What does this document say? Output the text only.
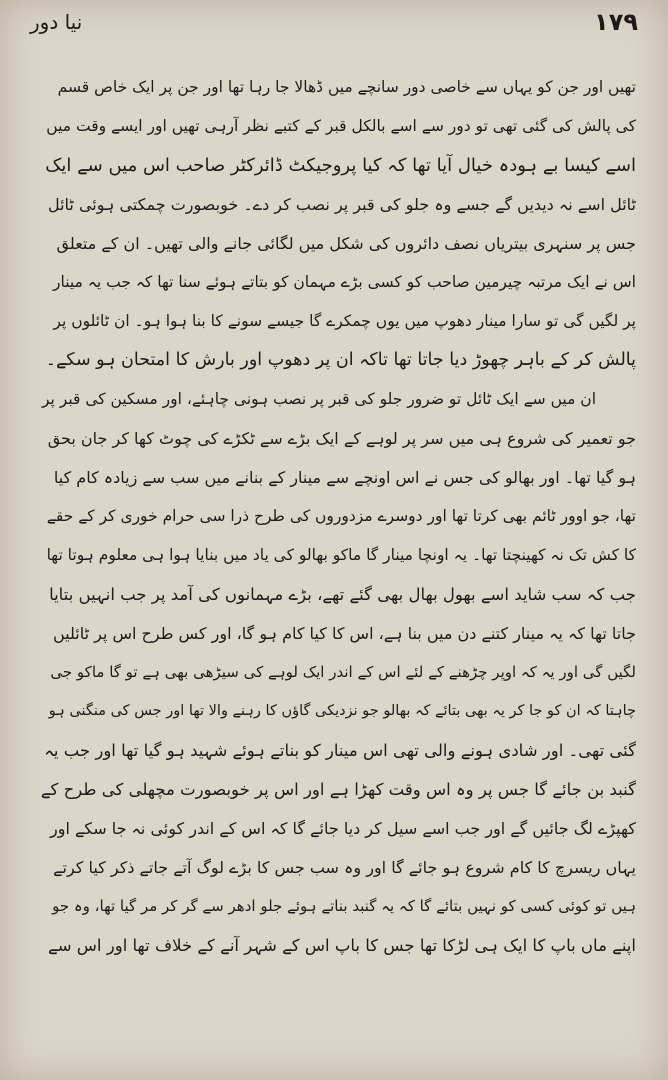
۱۷۹
نیا دور
تھیں اور جن کو یہاں سے خاصی دور سانچے میں ڈھالا جا رہا تھا اور جن پر ایک خاص قسم
کی پالش کی گئی تھی تو دور سے اسے بالکل قبر کے کتبے نظر آرہی تھیں اور ایسے وقت میں
اسے کیسا بے ہودہ خیال آیا تھا کہ کیا پروجیکٹ ڈائرکٹر صاحب اس میں سے ایک
ٹائل اسے نہ دیدیں گے جسے وہ جلو کی قبر پر نصب کر دے۔ خوبصورت چمکتی ہوئی ٹائل
جس پر سنہری بیتریاں نصف دائروں کی شکل میں لگائی جانے والی تھیں۔ ان کے متعلق
اس نے ایک مرتبہ چیرمین صاحب کو کسی بڑے مہمان کو بتاتے ہوئے سنا تھا کہ جب یہ مینار
پر لگیں گی تو سارا مینار دھوپ میں یوں چمکرے گا جیسے سونے کا بنا ہوا ہو۔ ان ٹائلوں پر
پالش کر کے باہر چھوڑ دیا جاتا تھا تاکہ ان پر دھوپ اور بارش کا امتحان ہو سکے۔
ان میں سے ایک ٹائل تو ضرور جلو کی قبر پر نصب ہونی چاہئے، اور مسکین کی قبر پر
جو تعمیر کی شروع ہی میں سر پر لوہے کے ایک بڑے سے ٹکڑے کی چوٹ کھا کر جان بحق
ہو گیا تھا۔ اور بھالو کی جس نے اس اونچے سے مینار کے بنانے میں سب سے زیادہ کام کیا
تھا، جو اوور ٹائم بھی کرتا تھا اور دوسرے مزدوروں کی طرح ذرا سی حرام خوری کر کے حقے
کا کش تک نہ کھینچتا تھا۔ یہ اونچا مینار گا ماکو بھالو کی یاد میں بنایا ہوا ہی معلوم ہوتا تھا
جب کہ سب شاید اسے بھول بھال بھی گئے تھے، بڑے مہمانوں کی آمد پر جب انہیں بتایا
جاتا تھا کہ یہ مینار کتنے دن میں بنا ہے، اس کا کیا کام ہو گا، اور کس طرح اس پر ٹائلیں
لگیں گی اور یہ کہ اوپر چڑھنے کے لئے اس کے اندر ایک لوہے کی سیڑھی بھی ہے تو گا ماکو جی
چاہتا کہ ان کو جا کر یہ بھی بتائے کہ بھالو جو نزدیکی گاؤں کا رہنے والا تھا اور جس کی منگنی ہو
گئی تھی۔ اور شادی ہونے والی تھی اس مینار کو بناتے ہوئے شہید ہو گیا تھا اور جب یہ
گنبد بن جائے گا جس پر وہ اس وقت کھڑا ہے اور اس پر خوبصورت مچھلی کی طرح کے
کھپڑے لگ جائیں گے اور جب اسے سیل کر دیا جائے گا کہ اس کے اندر کوئی نہ جا سکے اور
یہاں ریسرچ کا کام شروع ہو جائے گا اور وہ سب جس کا بڑے لوگ آتے جاتے ذکر کیا کرتے
ہیں تو کوئی کسی کو نہیں بتائے گا کہ یہ گنبد بناتے ہوئے جلو ادھر سے گر کر مر گیا تھا، وہ جو
اپنے ماں باپ کا ایک ہی لڑکا تھا جس کا باپ اس کے شہر آنے کے خلاف تھا اور اس سے
